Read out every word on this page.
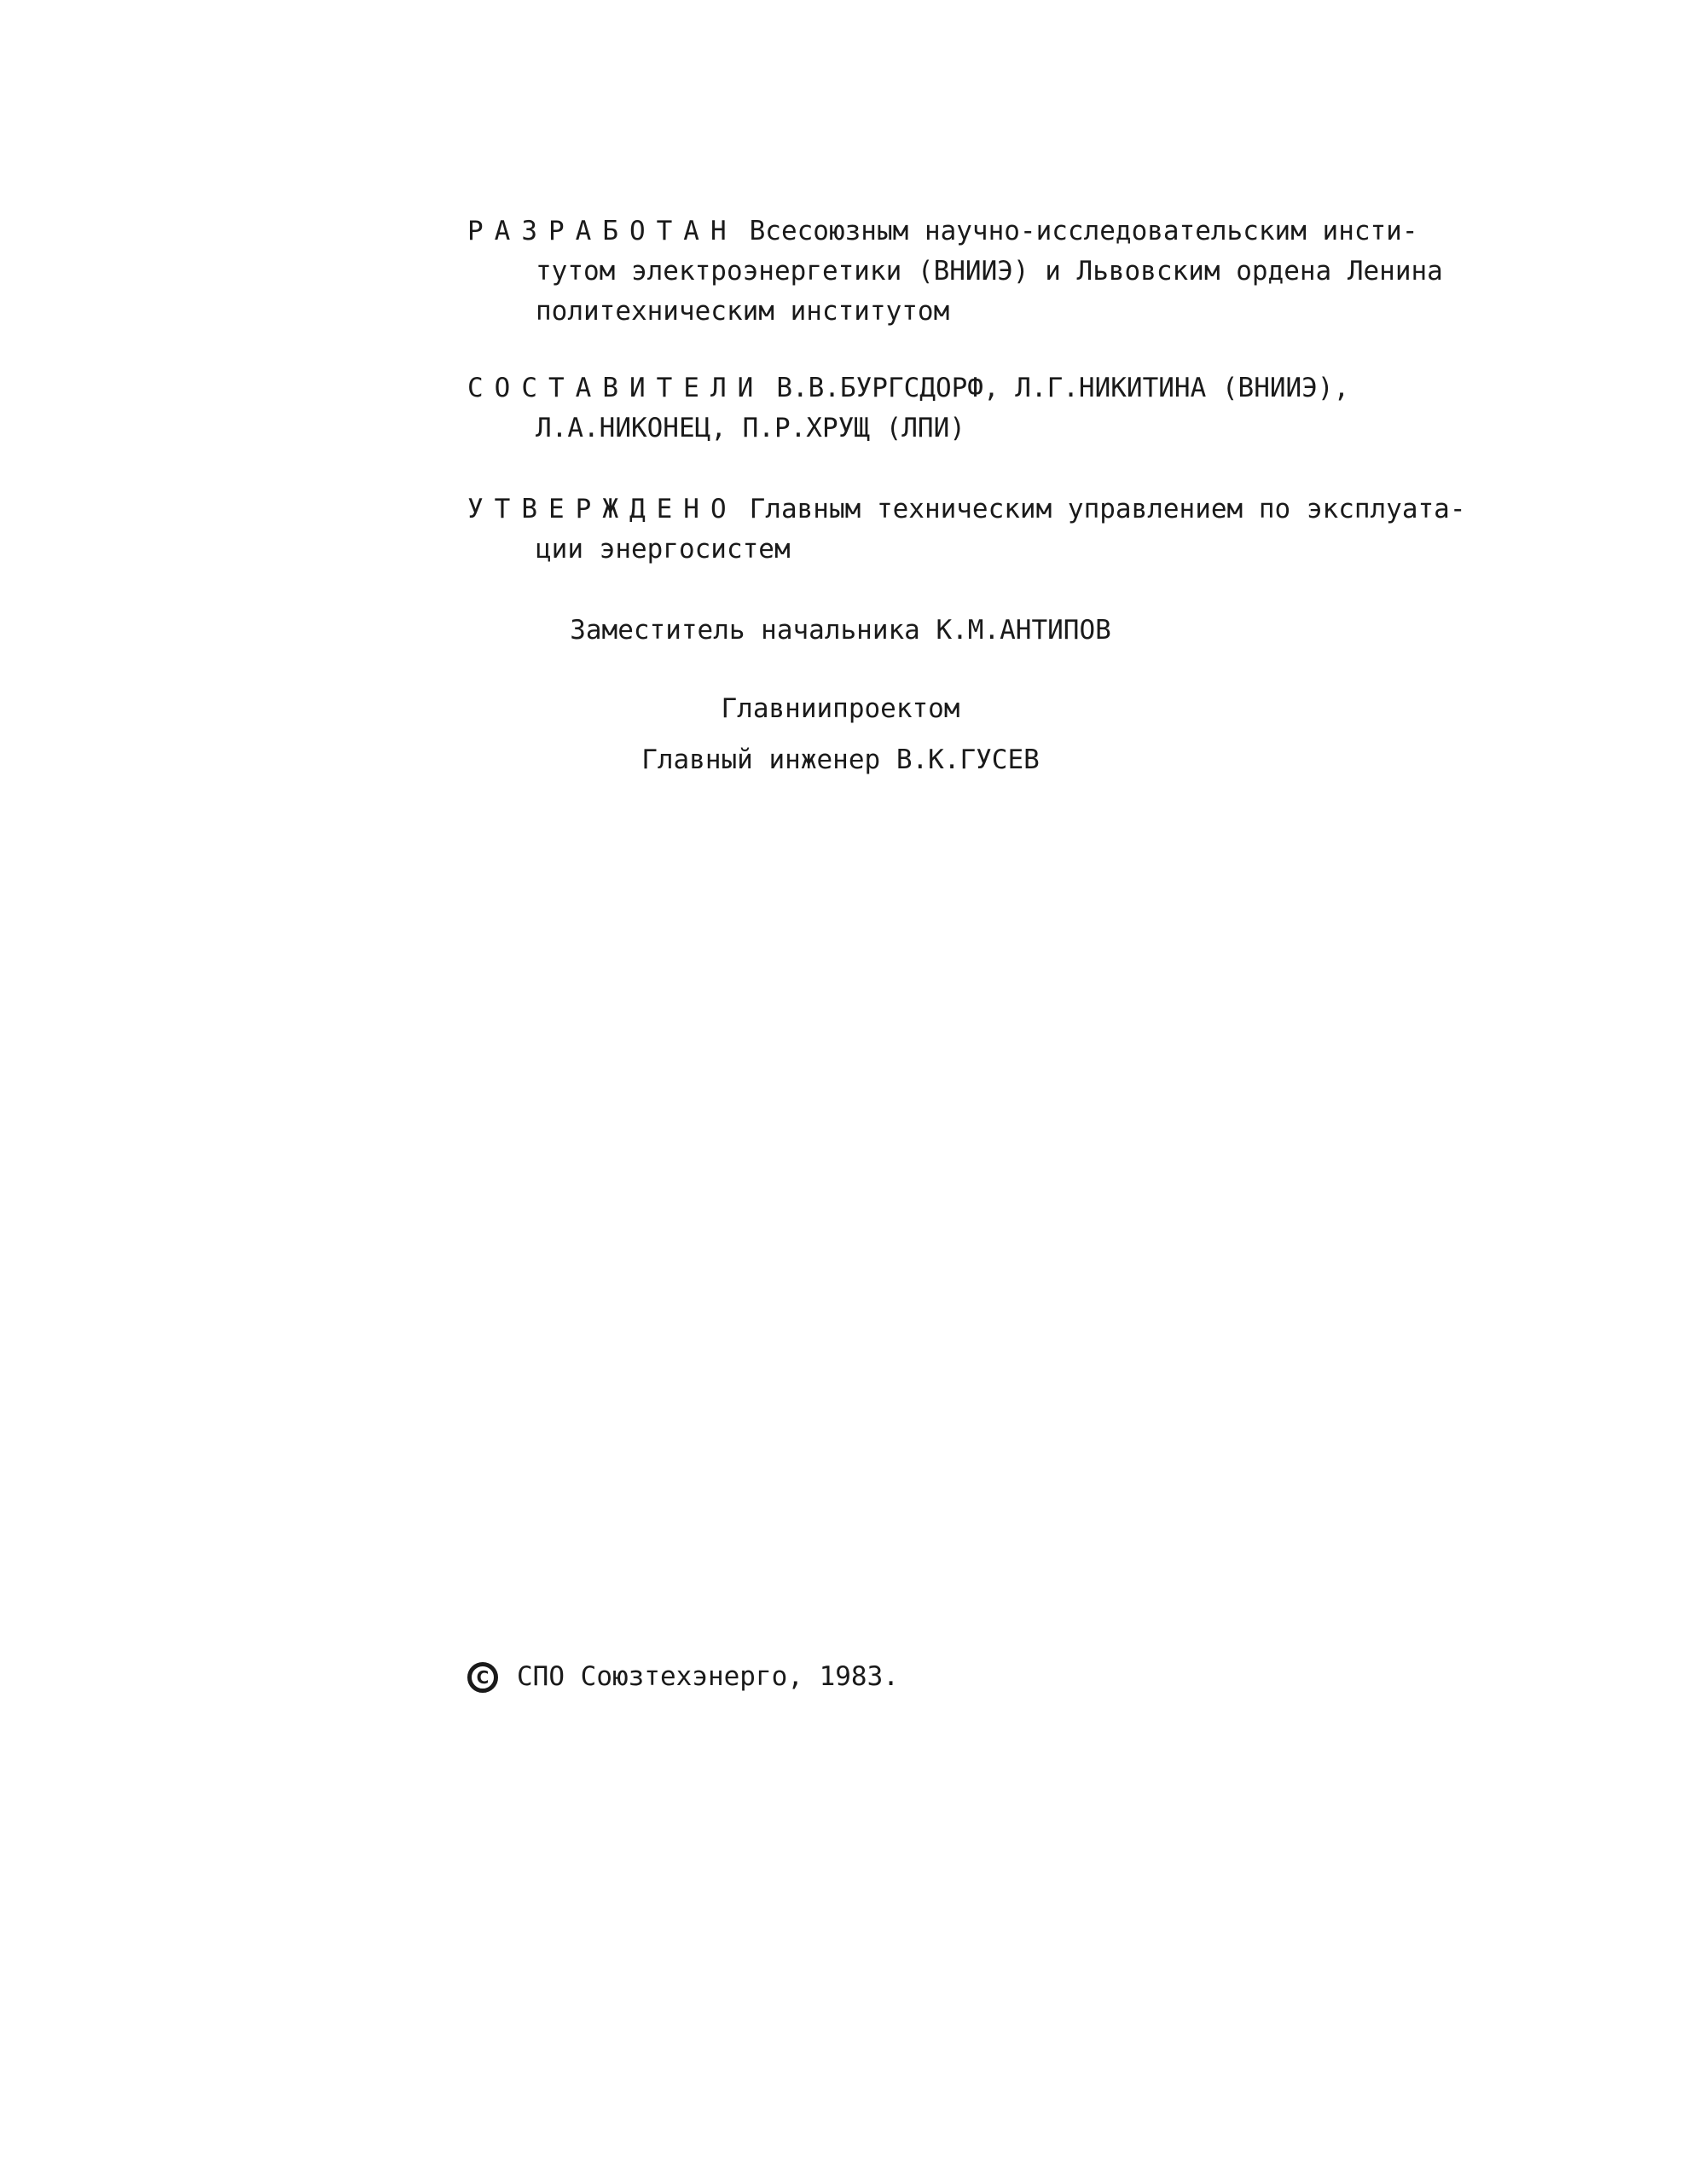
РАЗРАБОТАН Всесоюзным научно-исследовательским инсти-
тутом электроэнергетики (ВНИИЭ) и Львовским ордена Ленина
политехническим институтом
СОСТАВИТЕЛИ В.В.БУРГСДОРФ, Л.Г.НИКИТИНА (ВНИИЭ),
Л.А.НИКОНЕЦ, П.Р.ХРУЩ (ЛПИ)
УТВЕРЖДЕНО Главным техническим управлением по эксплуата-
ции энергосистем
Заместитель начальника К.М.АНТИПОВ
Главниипроектом
Главный инженер В.К.ГУСЕВ
С	СПО Союзтехэнерго, 1983.
